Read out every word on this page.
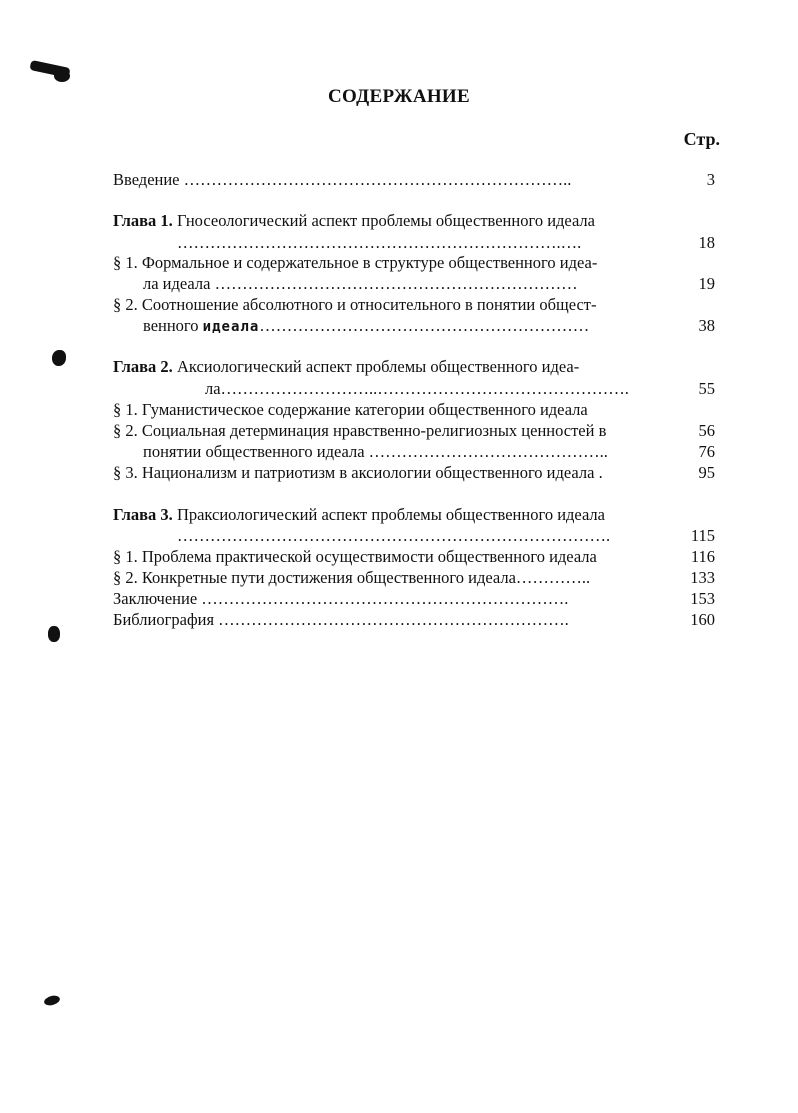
СОДЕРЖАНИЕ
Стр.
Введение ……………………………………………………………..	3
Глава 1. Гносеологический аспект проблемы общественного идеала
…………………………………………………………….….	18
§ 1. Формальное и содержательное в структуре общественного идеа-
ла идеала …………………………………………………………	19
§ 2. Соотношение абсолютного и относительного в понятии общест-
венного идеала……………………………………………………	38
Глава 2. Аксиологический аспект проблемы общественного идеа-
ла………………………..……………………………………….	55
§ 1. Гуманистическое содержание категории общественного идеала
§ 2. Социальная детерминация нравственно-религиозных ценностей в	56
понятии общественного идеала ……………………………………..	76
§ 3. Национализм и патриотизм в аксиологии общественного идеала .	95
Глава 3. Праксиологический аспект проблемы общественного идеала
…………………………………………………………………….	115
§ 1. Проблема практической осуществимости общественного идеала	116
§ 2. Конкретные пути достижения общественного идеала…………..	133
Заключение ………………………………………………………….	153
Библиография ……………………………………………………….	160
